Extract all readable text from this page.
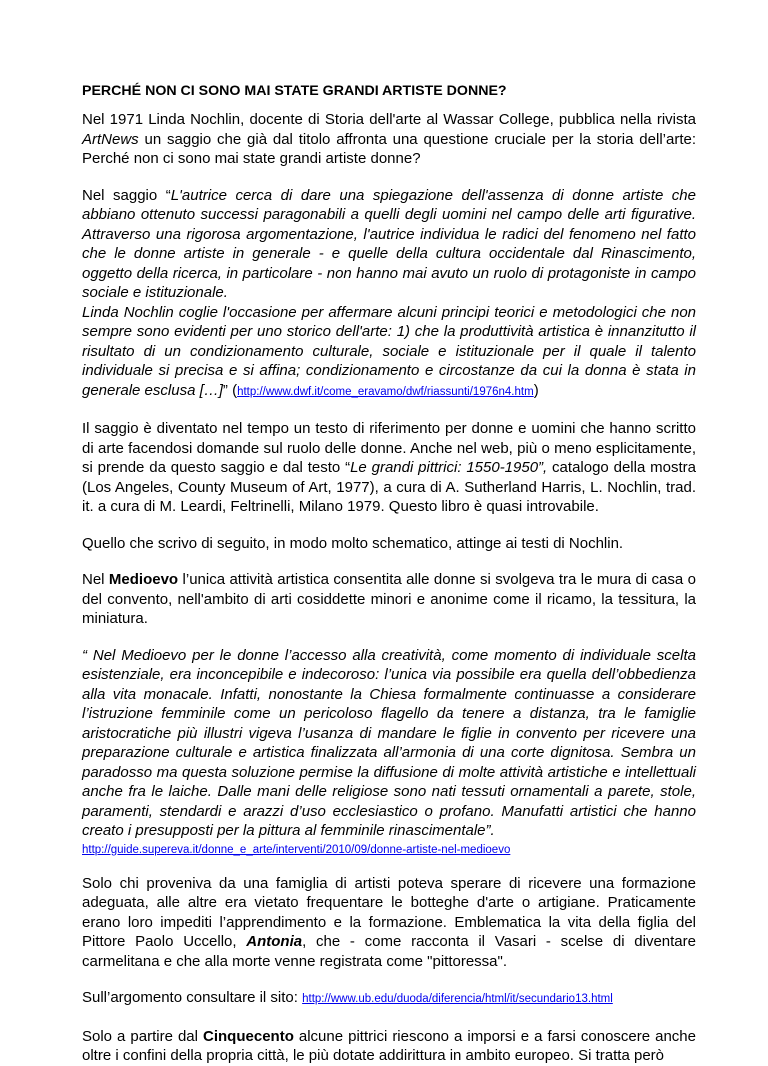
PERCHÉ NON CI SONO MAI STATE GRANDI ARTISTE DONNE?

Nel 1971 Linda Nochlin, docente di Storia dell'arte al Wassar College, pubblica nella rivista ArtNews un saggio che già dal titolo affronta una questione cruciale per la storia dell’arte: Perché non ci sono mai state grandi artiste donne?

Nel saggio “L'autrice cerca di dare una spiegazione dell'assenza di donne artiste che abbiano ottenuto successi paragonabili a quelli degli uomini nel campo delle arti figurative. Attraverso una rigorosa argomentazione, l'autrice individua le radici del fenomeno nel fatto che le donne artiste in generale - e quelle della cultura occidentale dal Rinascimento, oggetto della ricerca, in particolare - non hanno mai avuto un ruolo di protagoniste in campo sociale e istituzionale.

Linda Nochlin coglie l'occasione per affermare alcuni principi teorici e metodologici che non sempre sono evidenti per uno storico dell'arte: 1) che la produttività artistica è innanzitutto il risultato di un condizionamento culturale, sociale e istituzionale per il quale il talento individuale si precisa e si affina; condizionamento e circostanze da cui la donna è stata in generale esclusa […]” (http://www.dwf.it/come_eravamo/dwf/riassunti/1976n4.htm)

Il saggio è diventato nel tempo un testo di riferimento per donne e uomini che hanno scritto di arte facendosi domande sul ruolo delle donne. Anche nel web, più o meno esplicitamente, si prende da questo saggio e dal testo “Le grandi pittrici: 1550-1950”, catalogo della mostra (Los Angeles, County Museum of Art, 1977), a cura di A. Sutherland Harris, L. Nochlin, trad. it. a cura di M. Leardi, Feltrinelli, Milano 1979. Questo libro è quasi introvabile.

Quello che scrivo di seguito, in modo molto schematico, attinge ai testi di Nochlin.

Nel Medioevo l’unica attività artistica consentita alle donne si svolgeva tra le mura di casa o del convento, nell'ambito di arti cosiddette minori e anonime come il ricamo, la tessitura, la miniatura.

“ Nel Medioevo per le donne l’accesso alla creatività, come momento di individuale scelta esistenziale, era inconcepibile e indecoroso: l’unica via possibile era quella dell’obbedienza alla vita monacale. Infatti, nonostante la Chiesa formalmente continuasse a considerare l’istruzione femminile come un pericoloso flagello da tenere a distanza, tra le famiglie aristocratiche più illustri vigeva l’usanza di mandare le figlie in convento per ricevere una preparazione culturale e artistica finalizzata all’armonia di una corte dignitosa. Sembra un paradosso ma questa soluzione permise la diffusione di molte attività artistiche e intellettuali anche fra le laiche. Dalle mani delle religiose sono nati tessuti ornamentali a parete, stole, paramenti, stendardi e arazzi d’uso ecclesiastico o profano. Manufatti artistici che hanno creato i presupposti per la pittura al femminile rinascimentale”.

http://guide.supereva.it/donne_e_arte/interventi/2010/09/donne-artiste-nel-medioevo

Solo chi proveniva da una famiglia di artisti poteva sperare di ricevere una formazione adeguata, alle altre era vietato frequentare le botteghe d'arte o artigiane. Praticamente erano loro impediti l’apprendimento e la formazione. Emblematica la vita della figlia del Pittore Paolo Uccello, Antonia, che - come racconta il Vasari - scelse di diventare carmelitana e che alla morte venne registrata come "pittoressa".

Sull’argomento consultare il sito: http://www.ub.edu/duoda/diferencia/html/it/secundario13.html

Solo a partire dal Cinquecento alcune pittrici riescono a imporsi e a farsi conoscere anche oltre i confini della propria città, le più dotate addirittura in ambito europeo. Si tratta però
